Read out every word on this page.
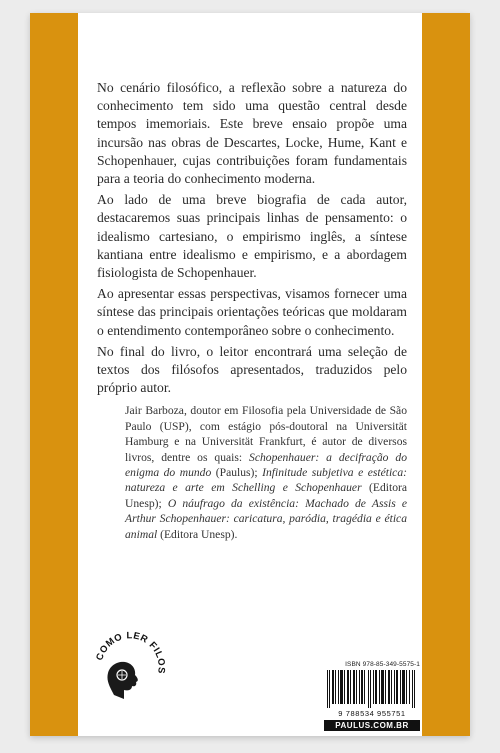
No cenário filosófico, a reflexão sobre a natureza do conhecimento tem sido uma questão central desde tempos imemoriais. Este breve ensaio propõe uma incursão nas obras de Descartes, Locke, Hume, Kant e Schopenhauer, cujas contribuições foram fundamentais para a teoria do conhecimento moderna.

Ao lado de uma breve biografia de cada autor, destacaremos suas principais linhas de pensamento: o idealismo cartesiano, o empirismo inglês, a síntese kantiana entre idealismo e empirismo, e a abordagem fisiologista de Schopenhauer.

Ao apresentar essas perspectivas, visamos fornecer uma síntese das principais orientações teóricas que moldaram o entendimento contemporâneo sobre o conhecimento.

No final do livro, o leitor encontrará uma seleção de textos dos filósofos apresentados, traduzidos pelo próprio autor.

Jair Barboza, doutor em Filosofia pela Universidade de São Paulo (USP), com estágio pós-doutoral na Universität Hamburg e na Universität Frankfurt, é autor de diversos livros, dentre os quais: Schopenhauer: a decifração do enigma do mundo (Paulus); Infinitude subjetiva e estética: natureza e arte em Schelling e Schopenhauer (Editora Unesp); O náufrago da existência: Machado de Assis e Arthur Schopenhauer: caricatura, paródia, tragédia e ética animal (Editora Unesp).

COMO LER FILOS
ISBN 978-85-349-5575-1
9 788534 955751
PAULUS.COM.BR
